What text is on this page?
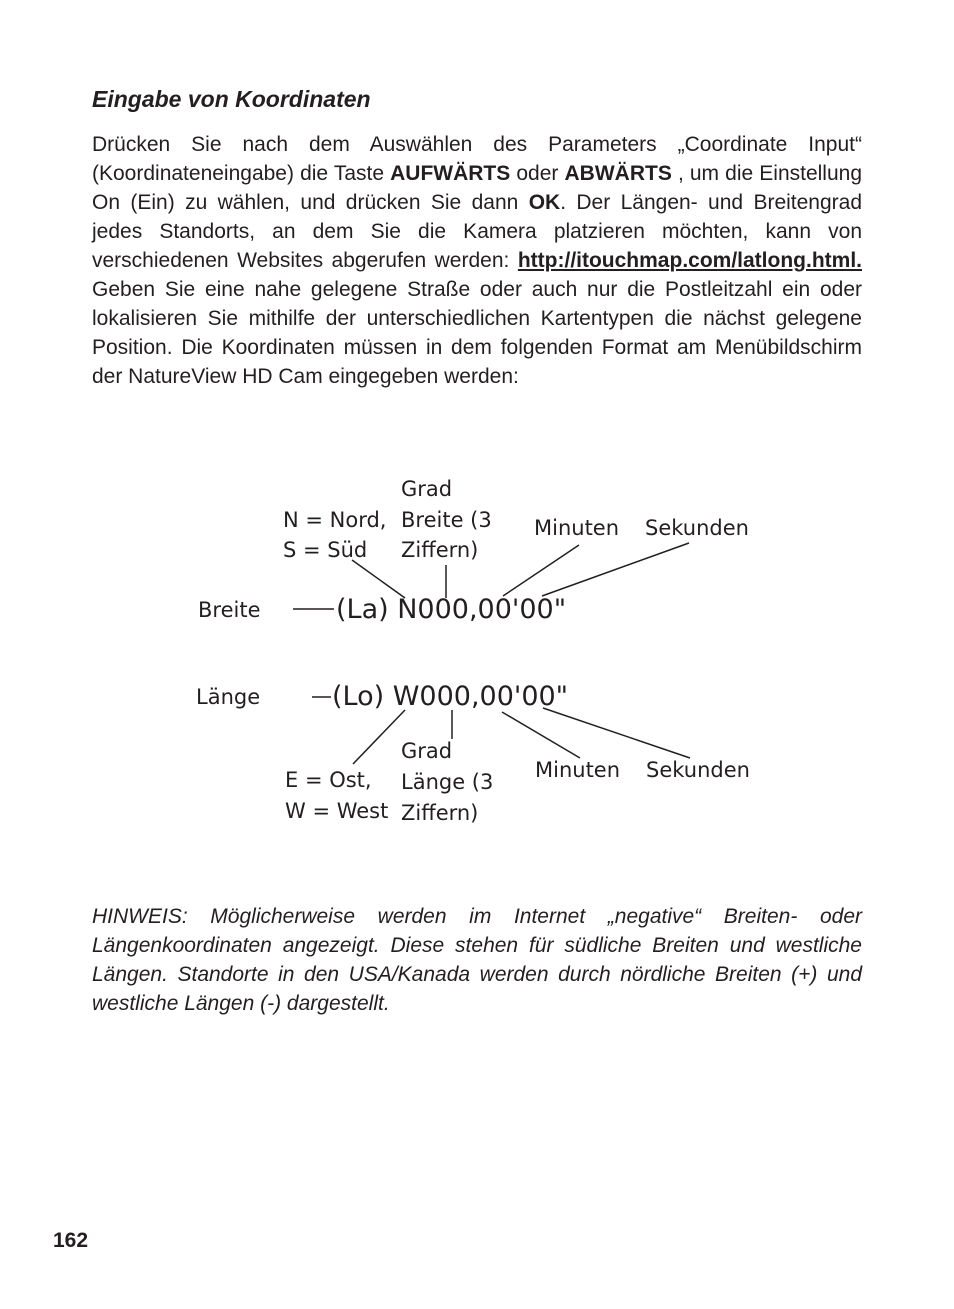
Eingabe von Koordinaten

Drücken Sie nach dem Auswählen des Parameters „Coordinate Input“ (Koordinateneingabe) die Taste AUFWÄRTS oder ABWÄRTS , um die Einstellung On (Ein) zu wählen, und drücken Sie dann OK. Der Längen- und Breitengrad jedes Standorts, an dem Sie die Kamera platzieren möchten, kann von verschiedenen Websites abgerufen werden: http://itouchmap.com/latlong.html. Geben Sie eine nahe gelegene Straße oder auch nur die Postleitzahl ein oder lokalisieren Sie mithilfe der unterschiedlichen Kartentypen die nächst gelegene Position. Die Koordinaten müssen in dem folgenden Format am Menübildschirm der NatureView HD Cam eingegeben werden:

N = Nord,
S = Süd
Grad
Breite (3
Ziffern)
Minuten Sekunden
Breite	(La) N000,00'00"
Länge	(Lo) W000,00'00"
Grad
Länge (3
Ziffern)
E = Ost,
W = West
Minuten Sekunden

HINWEIS: Möglicherweise werden im Internet „negative“ Breiten- oder Längenkoordinaten angezeigt. Diese stehen für südliche Breiten und westliche Längen. Standorte in den USA/Kanada werden durch nördliche Breiten (+) und westliche Längen (-) dargestellt.

162
